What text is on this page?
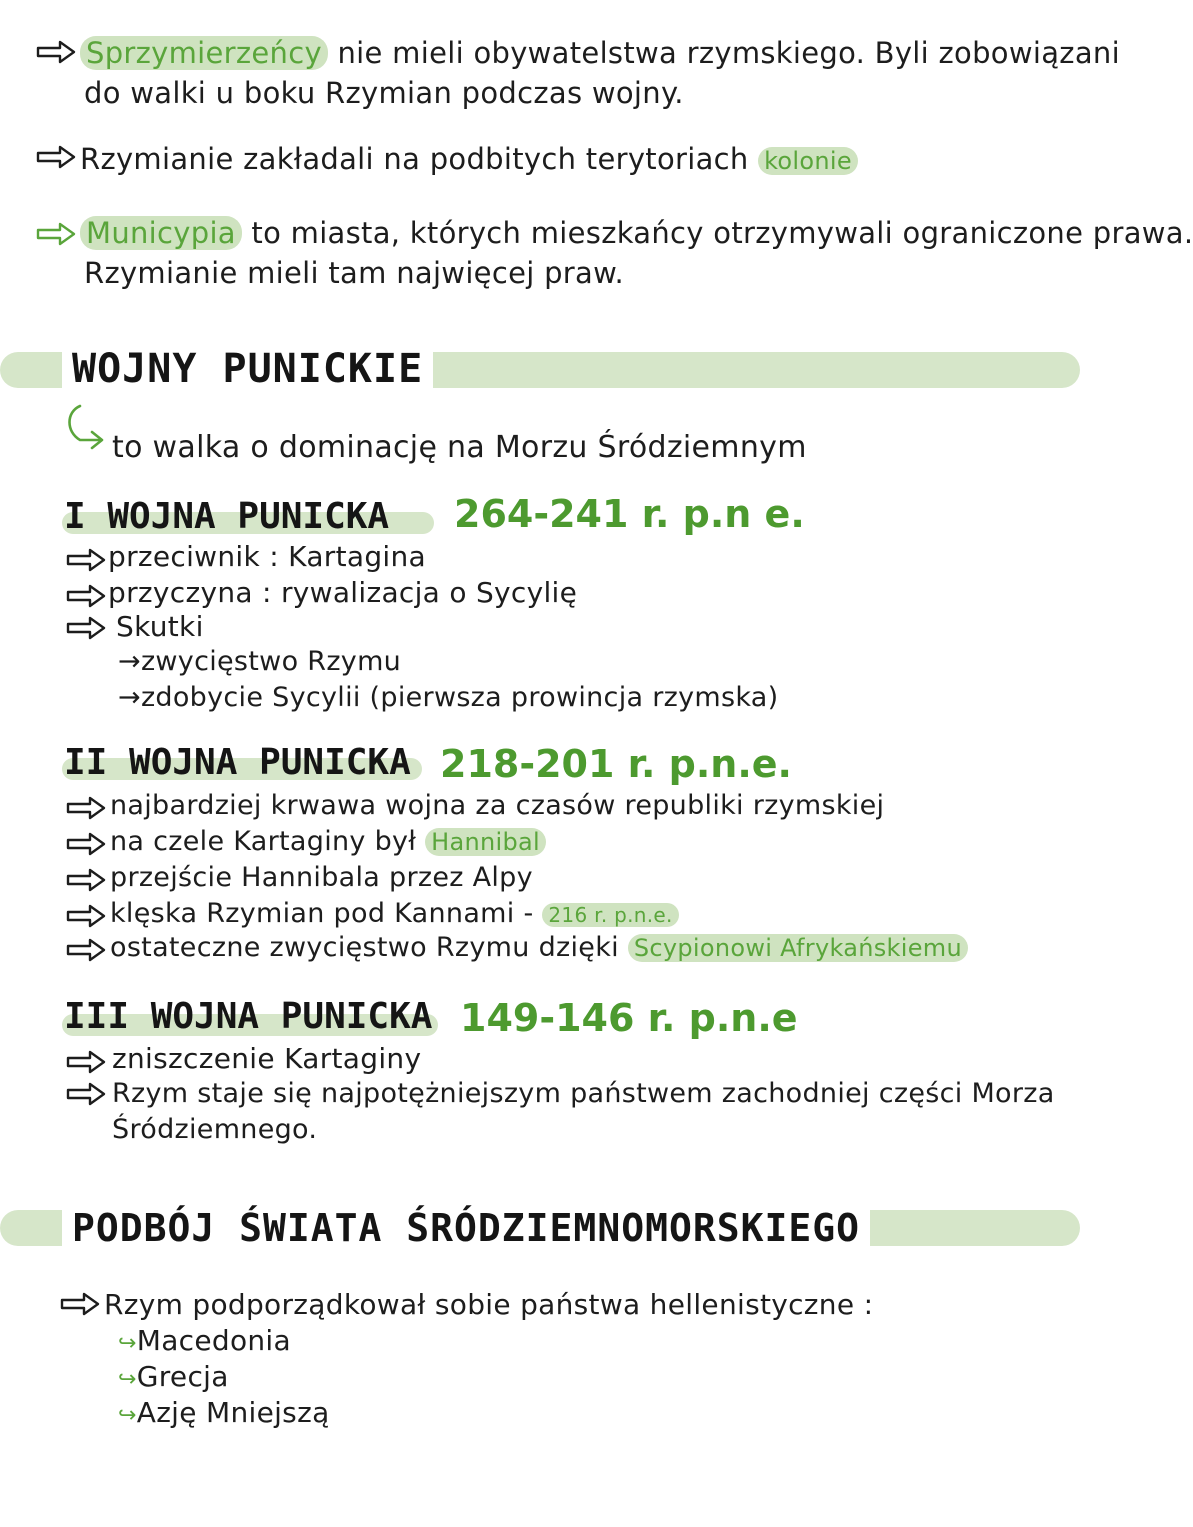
Sprzymierzeńcy nie mieli obywatelstwa rzymskiego. Byli zobowiązani
do walki u boku Rzymian podczas wojny.
Rzymianie zakładali na podbitych terytoriach kolonie
Municypia to miasta, których mieszkańcy otrzymywali ograniczone prawa.
Rzymianie mieli tam najwięcej praw.
WOJNY PUNICKIE
to walka o dominację na Morzu Śródziemnym
I WOJNA PUNICKA 264-241 r. p.n e.
przeciwnik : Kartagina
przyczyna : rywalizacja o Sycylię
Skutki
→zwycięstwo Rzymu
→zdobycie Sycylii (pierwsza prowincja rzymska)
II WOJNA PUNICKA 218-201 r. p.n.e.
najbardziej krwawa wojna za czasów republiki rzymskiej
na czele Kartaginy był Hannibal
przejście Hannibala przez Alpy
klęska Rzymian pod Kannami - 216 r. p.n.e.
ostateczne zwycięstwo Rzymu dzięki Scypionowi Afrykańskiemu
III WOJNA PUNICKA 149-146 r. p.n.e
zniszczenie Kartaginy
Rzym staje się najpotężniejszym państwem zachodniej części Morza
Śródziemnego.
PODBÓJ ŚWIATA ŚRÓDZIEMNOMORSKIEGO
Rzym podporządkował sobie państwa hellenistyczne :
↪Macedonia
↪Grecja
↪Azję Mniejszą
